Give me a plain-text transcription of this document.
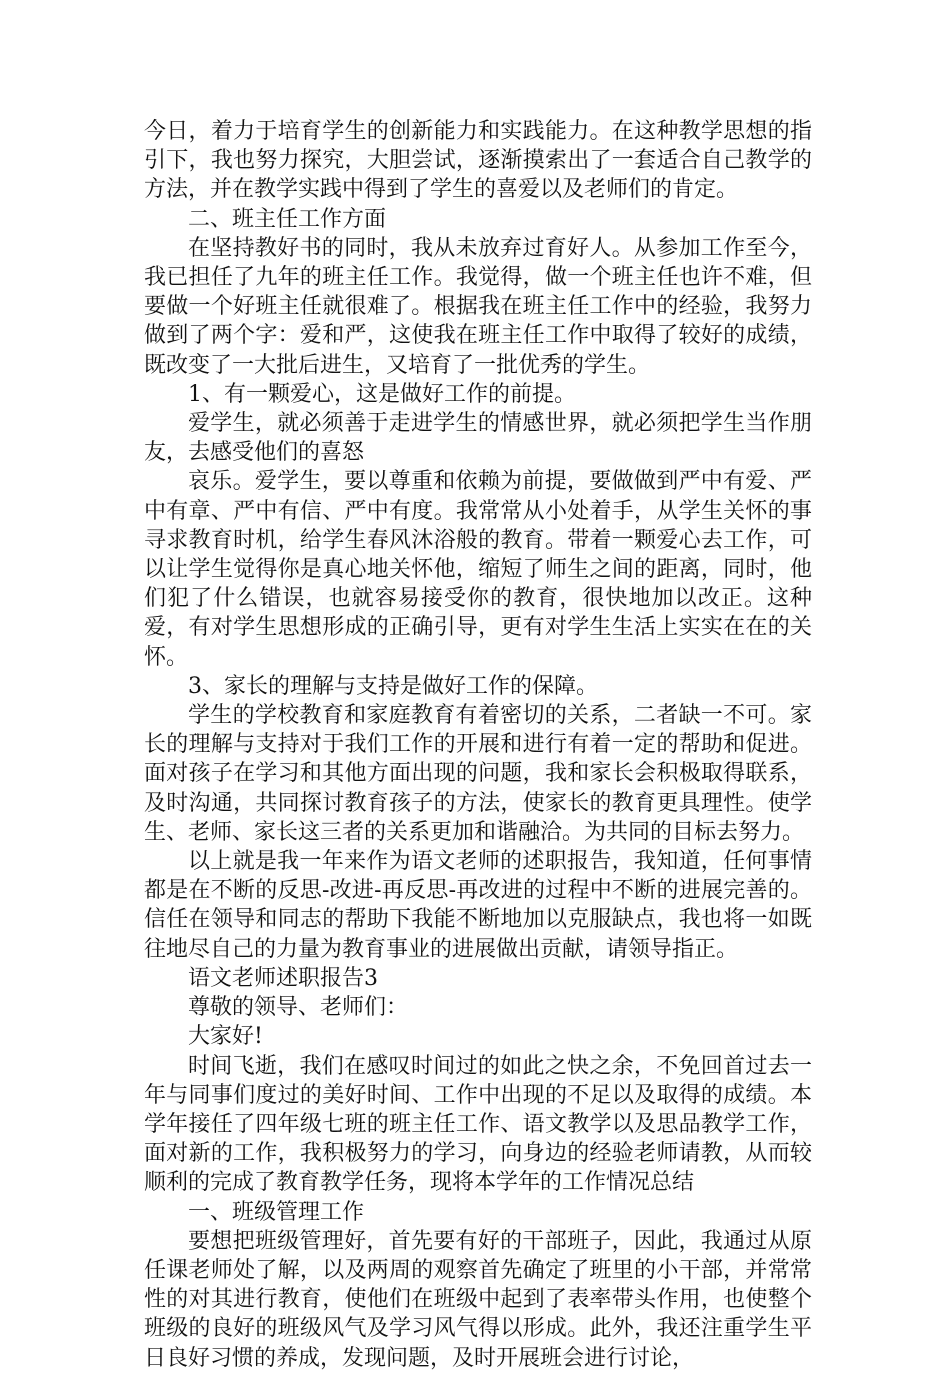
今日，着力于培育学生的创新能力和实践能力。在这种教学思想的指引下，我也努力探究，大胆尝试，逐渐摸索出了一套适合自己教学的方法，并在教学实践中得到了学生的喜爱以及老师们的肯定。

二、班主任工作方面

在坚持教好书的同时，我从未放弃过育好人。从参加工作至今，我已担任了九年的班主任工作。我觉得，做一个班主任也许不难，但要做一个好班主任就很难了。根据我在班主任工作中的经验，我努力做到了两个字：爱和严，这使我在班主任工作中取得了较好的成绩，既改变了一大批后进生，又培育了一批优秀的学生。

1、有一颗爱心，这是做好工作的前提。

爱学生，就必须善于走进学生的情感世界，就必须把学生当作朋友，去感受他们的喜怒

哀乐。爱学生，要以尊重和依赖为前提，要做做到严中有爱、严中有章、严中有信、严中有度。我常常从小处着手，从学生关怀的事寻求教育时机，给学生春风沐浴般的教育。带着一颗爱心去工作，可以让学生觉得你是真心地关怀他，缩短了师生之间的距离，同时，他们犯了什么错误，也就容易接受你的教育，很快地加以改正。这种爱，有对学生思想形成的正确引导，更有对学生生活上实实在在的关怀。

3、家长的理解与支持是做好工作的保障。

学生的学校教育和家庭教育有着密切的关系，二者缺一不可。家长的理解与支持对于我们工作的开展和进行有着一定的帮助和促进。面对孩子在学习和其他方面出现的问题，我和家长会积极取得联系，及时沟通，共同探讨教育孩子的方法，使家长的教育更具理性。使学生、老师、家长这三者的关系更加和谐融洽。为共同的目标去努力。

以上就是我一年来作为语文老师的述职报告，我知道，任何事情都是在不断的反思-改进-再反思-再改进的过程中不断的进展完善的。信任在领导和同志的帮助下我能不断地加以克服缺点，我也将一如既往地尽自己的力量为教育事业的进展做出贡献，请领导指正。

语文老师述职报告3

尊敬的领导、老师们：

大家好!

时间飞逝，我们在感叹时间过的如此之快之余，不免回首过去一年与同事们度过的美好时间、工作中出现的不足以及取得的成绩。本学年接任了四年级七班的班主任工作、语文教学以及思品教学工作，面对新的工作，我积极努力的学习，向身边的经验老师请教，从而较顺利的完成了教育教学任务，现将本学年的工作情况总结

一、班级管理工作

要想把班级管理好，首先要有好的干部班子，因此，我通过从原任课老师处了解，以及两周的观察首先确定了班里的小干部，并常常性的对其进行教育，使他们在班级中起到了表率带头作用，也使整个班级的良好的班级风气及学习风气得以形成。此外，我还注重学生平日良好习惯的养成，发现问题，及时开展班会进行讨论，
